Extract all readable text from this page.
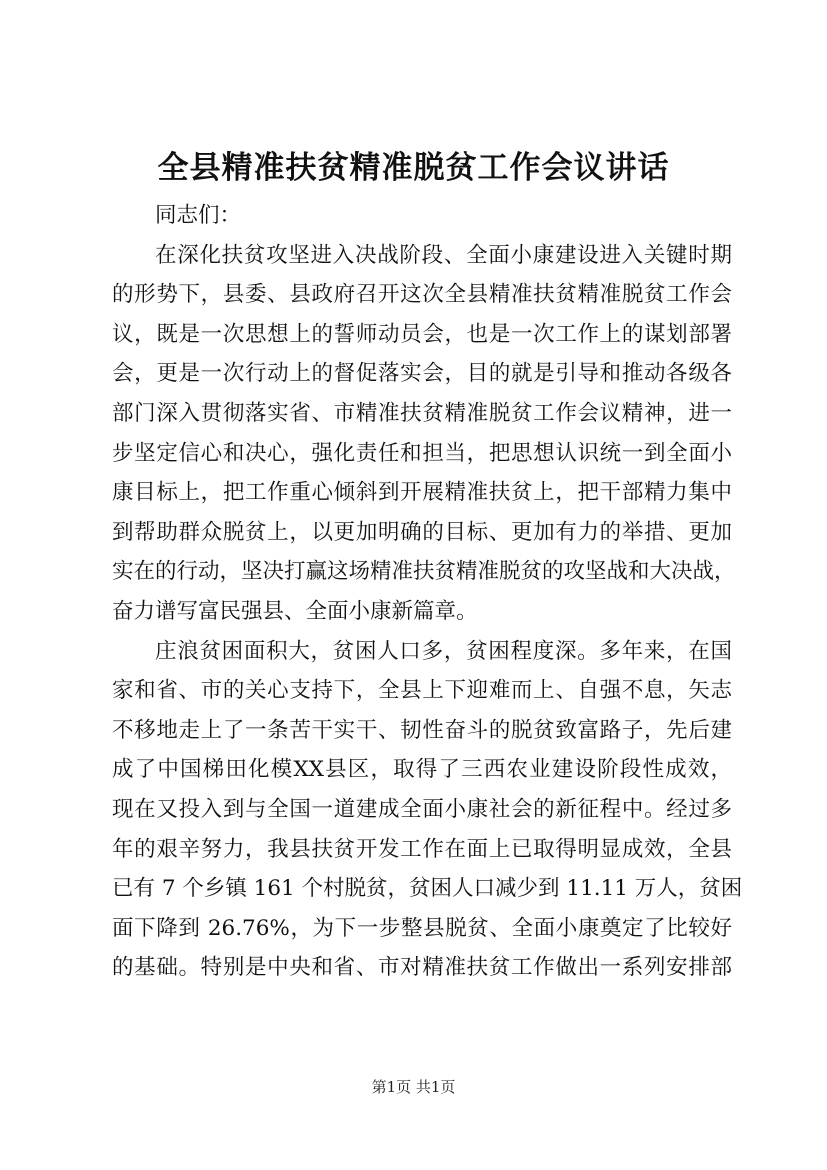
全县精准扶贫精准脱贫工作会议讲话

同志们：

在深化扶贫攻坚进入决战阶段、全面小康建设进入关键时期
的形势下，县委、县政府召开这次全县精准扶贫精准脱贫工作会
议，既是一次思想上的誓师动员会，也是一次工作上的谋划部署
会，更是一次行动上的督促落实会，目的就是引导和推动各级各
部门深入贯彻落实省、市精准扶贫精准脱贫工作会议精神，进一
步坚定信心和决心，强化责任和担当，把思想认识统一到全面小
康目标上，把工作重心倾斜到开展精准扶贫上，把干部精力集中
到帮助群众脱贫上，以更加明确的目标、更加有力的举措、更加
实在的行动，坚决打赢这场精准扶贫精准脱贫的攻坚战和大决战，
奋力谱写富民强县、全面小康新篇章。
庄浪贫困面积大，贫困人口多，贫困程度深。多年来，在国
家和省、市的关心支持下，全县上下迎难而上、自强不息，矢志
不移地走上了一条苦干实干、韧性奋斗的脱贫致富路子，先后建
成了中国梯田化模XX县区，取得了三西农业建设阶段性成效，
现在又投入到与全国一道建成全面小康社会的新征程中。经过多
年的艰辛努力，我县扶贫开发工作在面上已取得明显成效，全县
已有 7 个乡镇 161 个村脱贫，贫困人口减少到 11.11 万人，贫困
面下降到 26.76%，为下一步整县脱贫、全面小康奠定了比较好
的基础。特别是中央和省、市对精准扶贫工作做出一系列安排部
第1页 共1页
